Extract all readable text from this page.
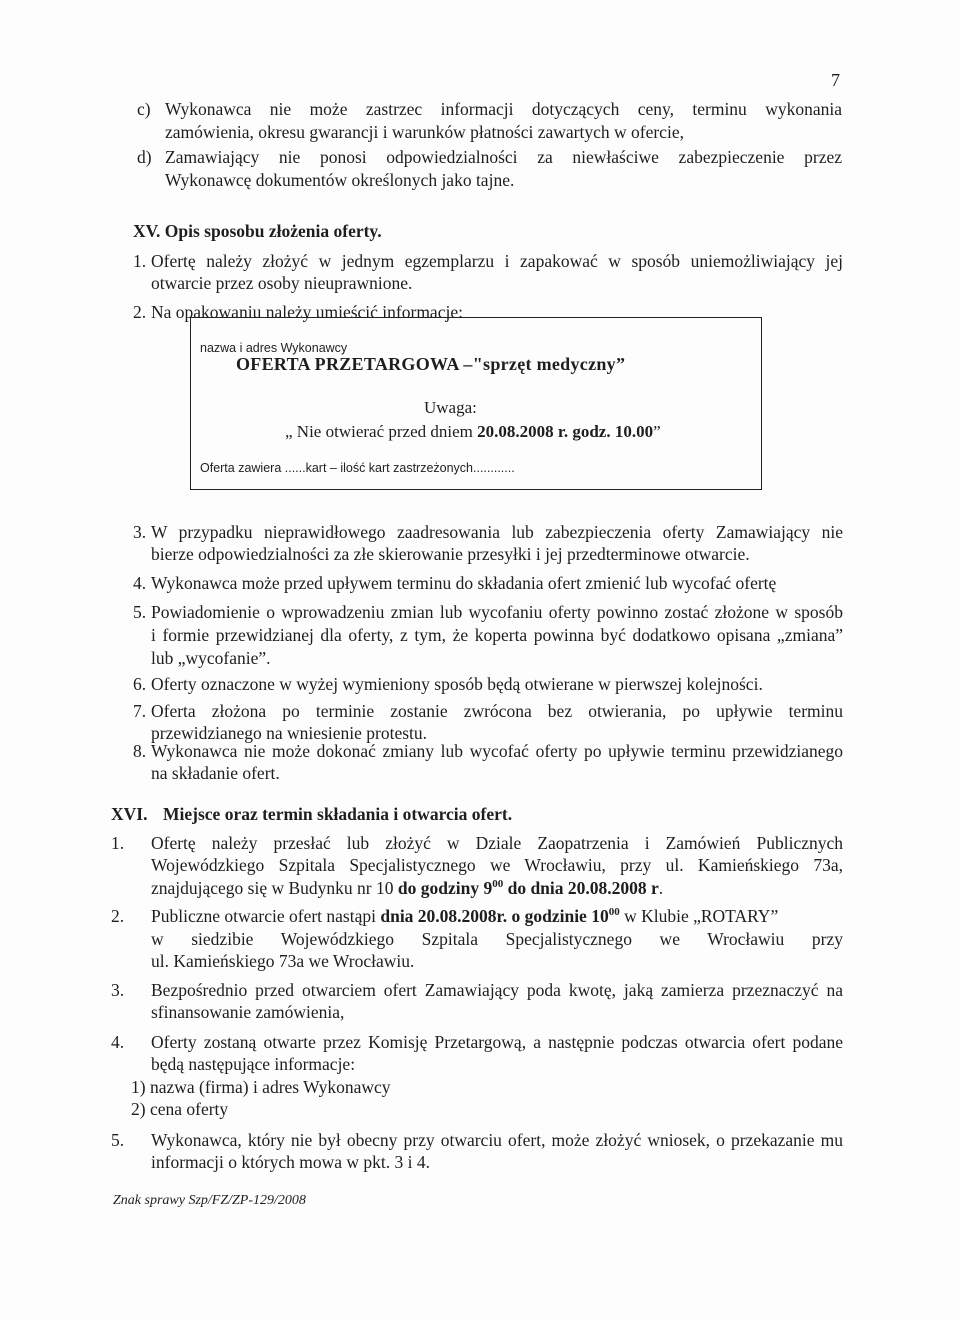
7
c) Wykonawca nie może zastrzec informacji dotyczących ceny, terminu wykonania
zamówienia, okresu gwarancji i warunków płatności zawartych w ofercie,
d) Zamawiający nie ponosi odpowiedzialności za niewłaściwe zabezpieczenie przez
Wykonawcę dokumentów określonych jako tajne.
XV. Opis sposobu złożenia oferty.
1. Ofertę należy złożyć w jednym egzemplarzu i zapakować w sposób uniemożliwiający jej
otwarcie przez osoby nieuprawnione.
2. Na opakowaniu należy umieścić informacje:
nazwa i adres Wykonawcy
OFERTA PRZETARGOWA –"sprzęt medyczny”
Uwaga:
„ Nie otwierać przed dniem 20.08.2008 r. godz. 10.00”
Oferta zawiera ......kart – ilość kart zastrzeżonych............
3. W przypadku nieprawidłowego zaadresowania lub zabezpieczenia oferty Zamawiający nie
bierze odpowiedzialności za złe skierowanie przesyłki i jej przedterminowe otwarcie.
4. Wykonawca może przed upływem terminu do składania ofert zmienić lub wycofać ofertę
5. Powiadomienie o wprowadzeniu zmian lub wycofaniu oferty powinno zostać złożone w sposób
i formie przewidzianej dla oferty, z tym, że koperta powinna być dodatkowo opisana „zmiana”
lub „wycofanie”.
6. Oferty oznaczone w wyżej wymieniony sposób będą otwierane w pierwszej kolejności.
7. Oferta złożona po terminie zostanie zwrócona bez otwierania, po upływie terminu
przewidzianego na wniesienie protestu.
8. Wykonawca nie może dokonać zmiany lub wycofać oferty po upływie terminu przewidzianego
na składanie ofert.
XVI. Miejsce oraz termin składania i otwarcia ofert.
1. Ofertę należy przesłać lub złożyć w Dziale Zaopatrzenia i Zamówień Publicznych
Wojewódzkiego Szpitala Specjalistycznego we Wrocławiu, przy ul. Kamieńskiego 73a,
znajdującego się w Budynku nr 10 do godziny $9^{00}$ do dnia 20.08.2008 r.
2. Publiczne otwarcie ofert nastąpi dnia 20.08.2008r. o godzinie $10^{00}$ w Klubie „ROTARY”
w siedzibie Wojewódzkiego Szpitala Specjalistycznego we Wrocławiu przy
ul. Kamieńskiego 73a we Wrocławiu.
3. Bezpośrednio przed otwarciem ofert Zamawiający poda kwotę, jaką zamierza przeznaczyć na
sfinansowanie zamówienia,
4. Oferty zostaną otwarte przez Komisję Przetargową, a następnie podczas otwarcia ofert podane
będą następujące informacje:
1) nazwa (firma) i adres Wykonawcy
2) cena oferty
5. Wykonawca, który nie był obecny przy otwarciu ofert, może złożyć wniosek, o przekazanie mu
informacji o których mowa w pkt. 3 i 4.
Znak sprawy Szp/FZ/ZP-129/2008
